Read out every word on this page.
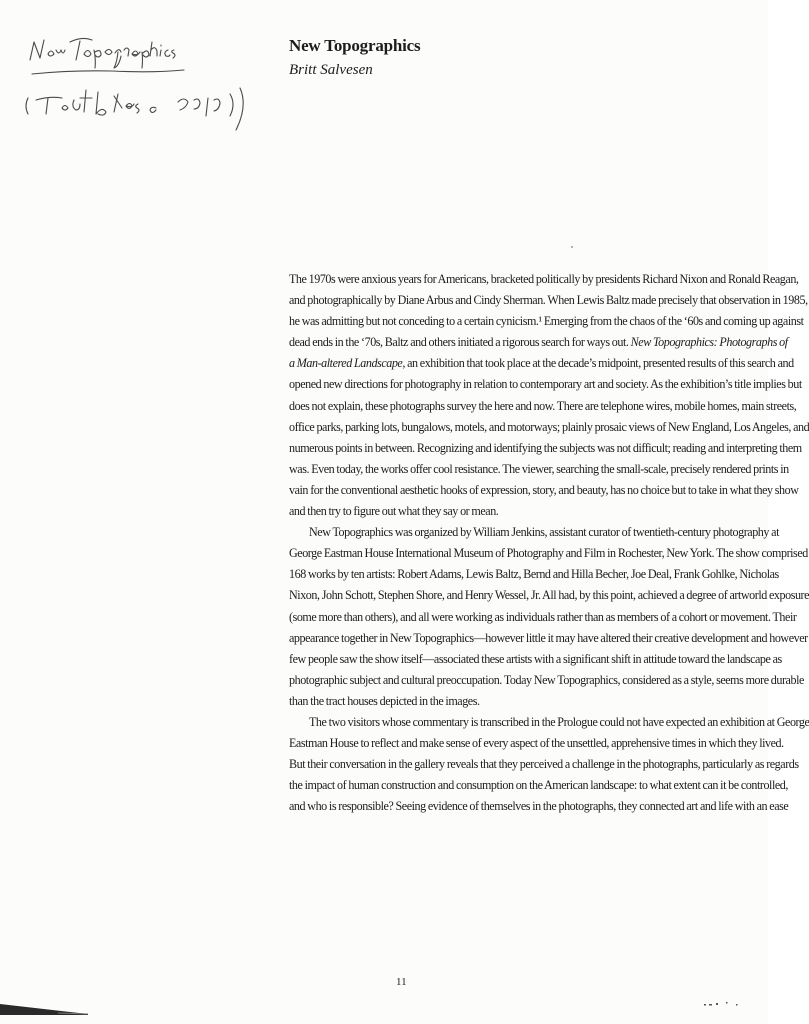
New Topographics

Britt Salvesen

The 1970s were anxious years for Americans, bracketed politically by presidents Richard Nixon and Ronald Reagan,
and photographically by Diane Arbus and Cindy Sherman. When Lewis Baltz made precisely that observation in 1985,
he was admitting but not conceding to a certain cynicism.¹ Emerging from the chaos of the ‘60s and coming up against
dead ends in the ‘70s, Baltz and others initiated a rigorous search for ways out. New Topographics: Photographs of
a Man-altered Landscape, an exhibition that took place at the decade’s midpoint, presented results of this search and
opened new directions for photography in relation to contemporary art and society. As the exhibition’s title implies but
does not explain, these photographs survey the here and now. There are telephone wires, mobile homes, main streets,
office parks, parking lots, bungalows, motels, and motorways; plainly prosaic views of New England, Los Angeles, and
numerous points in between. Recognizing and identifying the subjects was not difficult; reading and interpreting them
was. Even today, the works offer cool resistance. The viewer, searching the small-scale, precisely rendered prints in
vain for the conventional aesthetic hooks of expression, story, and beauty, has no choice but to take in what they show
and then try to figure out what they say or mean.
New Topographics was organized by William Jenkins, assistant curator of twentieth-century photography at
George Eastman House International Museum of Photography and Film in Rochester, New York. The show comprised
168 works by ten artists: Robert Adams, Lewis Baltz, Bernd and Hilla Becher, Joe Deal, Frank Gohlke, Nicholas
Nixon, John Schott, Stephen Shore, and Henry Wessel, Jr. All had, by this point, achieved a degree of artworld exposure
(some more than others), and all were working as individuals rather than as members of a cohort or movement. Their
appearance together in New Topographics—however little it may have altered their creative development and however
few people saw the show itself—associated these artists with a significant shift in attitude toward the landscape as
photographic subject and cultural preoccupation. Today New Topographics, considered as a style, seems more durable
than the tract houses depicted in the images.
The two visitors whose commentary is transcribed in the Prologue could not have expected an exhibition at George
Eastman House to reflect and make sense of every aspect of the unsettled, apprehensive times in which they lived.
But their conversation in the gallery reveals that they perceived a challenge in the photographs, particularly as regards
the impact of human construction and consumption on the American landscape: to what extent can it be controlled,
and who is responsible? Seeing evidence of themselves in the photographs, they connected art and life with an ease
11
